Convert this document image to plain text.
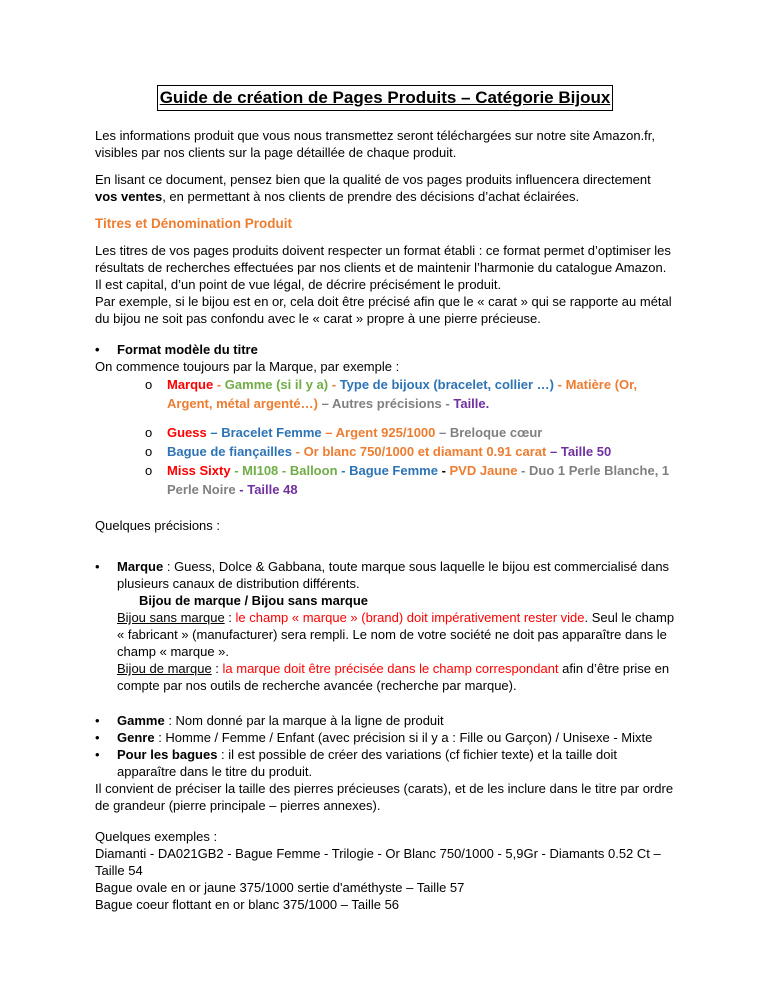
Guide de création de Pages Produits – Catégorie Bijoux

Les informations produit que vous nous transmettez seront téléchargées sur notre site Amazon.fr, visibles par nos clients sur la page détaillée de chaque produit.

En lisant ce document, pensez bien que la qualité de vos pages produits influencera directement vos ventes, en permettant à nos clients de prendre des décisions d’achat éclairées.

Titres et Dénomination Produit

Les titres de vos pages produits doivent respecter un format établi : ce format permet d’optimiser les résultats de recherches effectuées par nos clients et de maintenir l’harmonie du catalogue Amazon.
Il est capital, d’un point de vue légal, de décrire précisément le produit.
Par exemple, si le bijou est en or, cela doit être précisé afin que le « carat » qui se rapporte au métal du bijou ne soit pas confondu avec le « carat » propre à une pierre précieuse.

• Format modèle du titre
On commence toujours par la Marque, par exemple :
o Marque - Gamme (si il y a) - Type de bijoux (bracelet, collier …) - Matière (Or, Argent, métal argenté…) – Autres précisions - Taille.
o Guess – Bracelet Femme – Argent 925/1000 – Breloque cœur
o Bague de fiançailles - Or blanc 750/1000 et diamant 0.91 carat – Taille 50
o Miss Sixty - MI108 - Balloon - Bague Femme - PVD Jaune - Duo 1 Perle Blanche, 1 Perle Noire - Taille 48

Quelques précisions :

• Marque : Guess, Dolce & Gabbana, toute marque sous laquelle le bijou est commercialisé dans plusieurs canaux de distribution différents.
Bijou de marque / Bijou sans marque
Bijou sans marque : le champ « marque » (brand) doit impérativement rester vide. Seul le champ « fabricant » (manufacturer) sera rempli. Le nom de votre société ne doit pas apparaître dans le champ « marque ».
Bijou de marque : la marque doit être précisée dans le champ correspondant afin d’être prise en compte par nos outils de recherche avancée (recherche par marque).
• Gamme : Nom donné par la marque à la ligne de produit
• Genre : Homme / Femme / Enfant (avec précision si il y a : Fille ou Garçon) / Unisexe - Mixte
• Pour les bagues : il est possible de créer des variations (cf fichier texte) et la taille doit apparaître dans le titre du produit.

Il convient de préciser la taille des pierres précieuses (carats), et de les inclure dans le titre par ordre de grandeur (pierre principale – pierres annexes).

Quelques exemples :
Diamanti - DA021GB2 - Bague Femme - Trilogie - Or Blanc 750/1000 - 5,9Gr - Diamants 0.52 Ct – Taille 54
Bague ovale en or jaune 375/1000 sertie d'améthyste – Taille 57
Bague coeur flottant en or blanc 375/1000 – Taille 56
